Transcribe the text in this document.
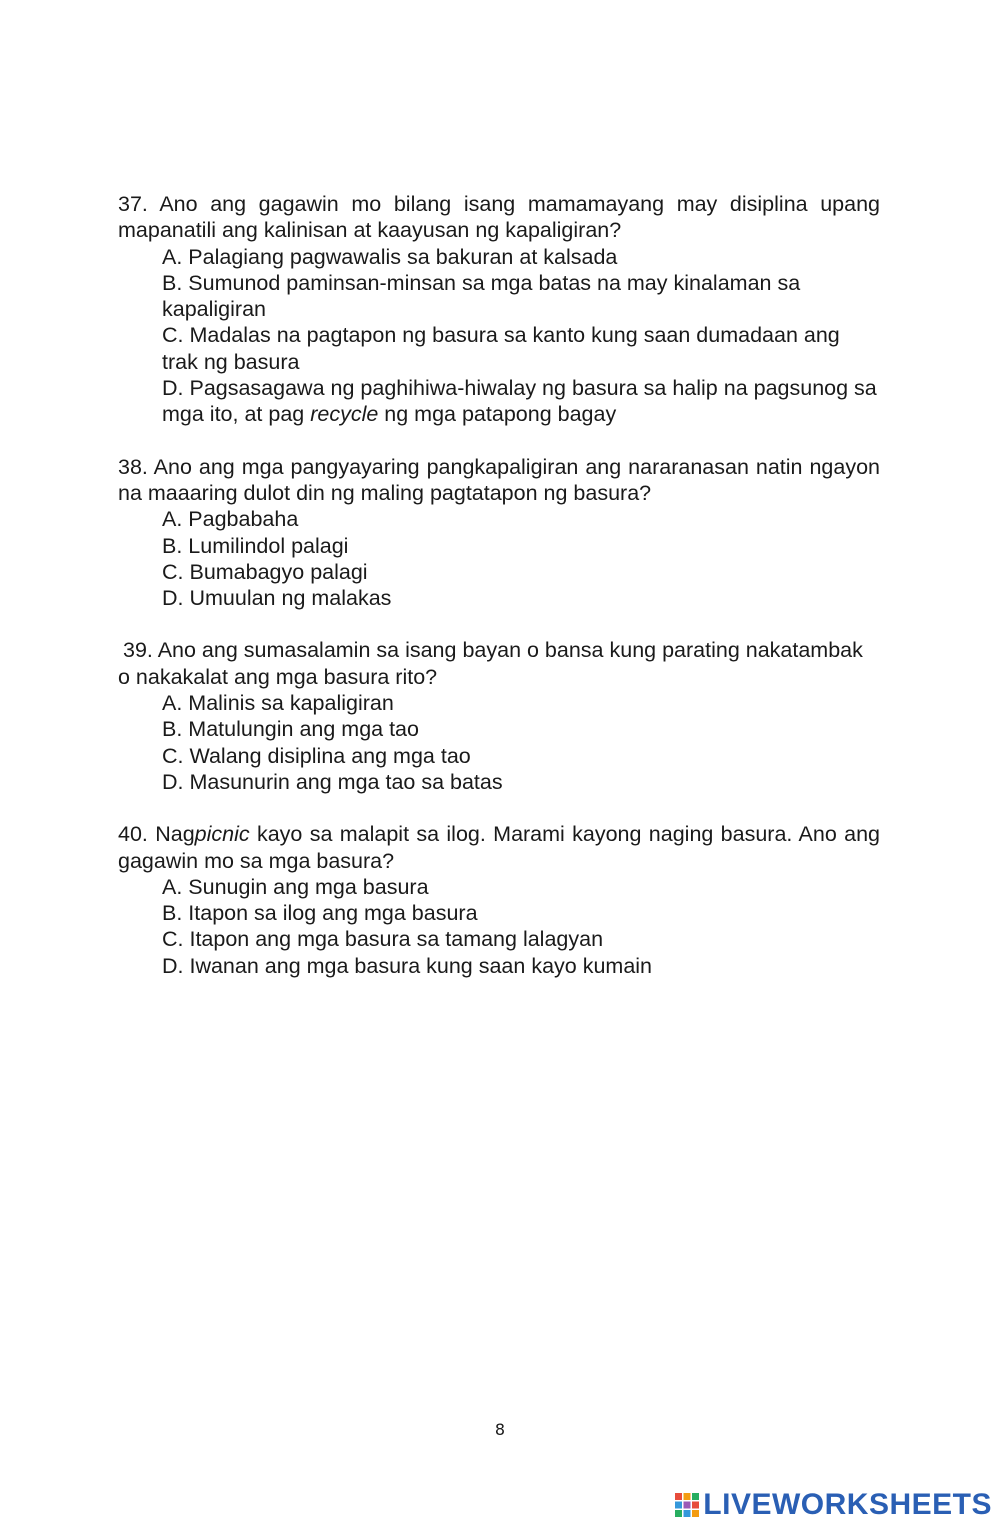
37. Ano ang gagawin mo bilang isang mamamayang may disiplina upang mapanatili ang kalinisan at kaayusan ng kapaligiran?

A. Palagiang pagwawalis sa bakuran at kalsada
B. Sumunod paminsan-minsan sa mga batas na may kinalaman sa kapaligiran
C. Madalas na pagtapon ng basura sa kanto kung saan dumadaan ang trak ng basura
D. Pagsasagawa ng paghihiwa-hiwalay ng basura sa halip na pagsunog sa mga ito, at pag recycle ng mga patapong bagay

38. Ano ang mga pangyayaring pangkapaligiran ang nararanasan natin ngayon na maaaring dulot din ng maling pagtatapon ng basura?

A. Pagbabaha
B. Lumilindol palagi
C. Bumabagyo palagi
D. Umuulan ng malakas

39. Ano ang sumasalamin sa isang bayan o bansa kung parating nakatambak o nakakalat ang mga basura rito?

A. Malinis sa kapaligiran
B. Matulungin ang mga tao
C. Walang disiplina ang mga tao
D. Masunurin ang mga tao sa batas

40. Nagpicnic kayo sa malapit sa ilog. Marami kayong naging basura. Ano ang gagawin mo sa mga basura?

A. Sunugin ang mga basura
B. Itapon sa ilog ang mga basura
C. Itapon ang mga basura sa tamang lalagyan
D. Iwanan ang mga basura kung saan kayo kumain
8
LIVEWORKSHEETS
